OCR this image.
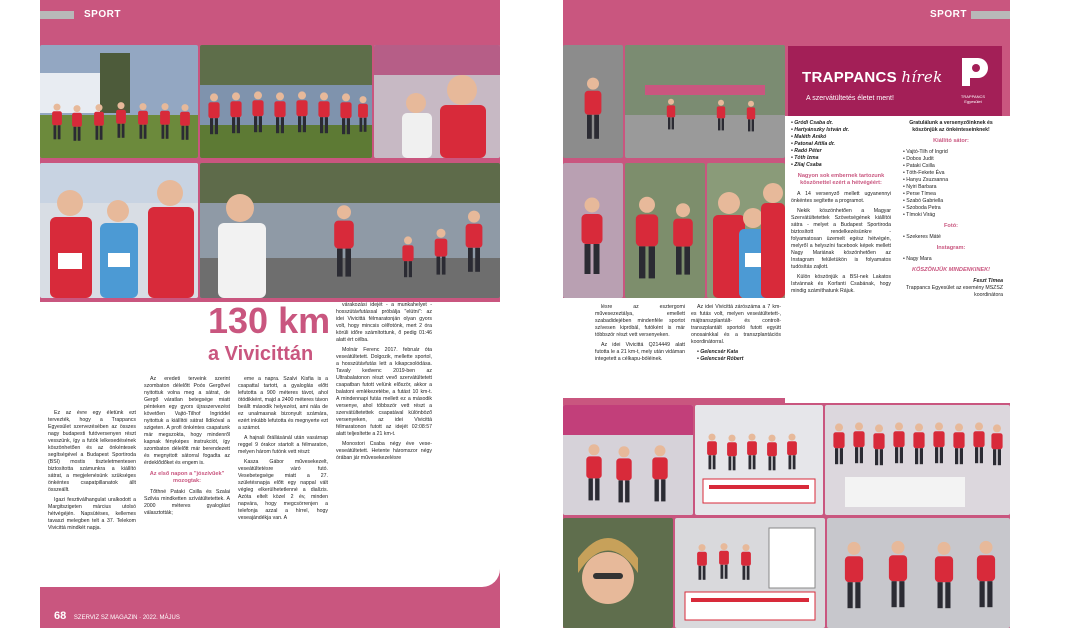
SPORT

Ez az évre egy életünk ezt tervezték, hogy a Trappancs Egyesület szervezésében az összes nagy budapesti futóversenyen részt vesszünk, így a futók lelkesedésének köszönhetően és az önkéntesek segítségével a Budapest Sportiroda (BSI) mostis tiszteletmentesen biztosította számunkra a kiállító sátrat, a megjelenésünk szükséges önkéntes csapatpillanatok állt összeállt.

Igazi fesztiválhangulat uralkodott a Margitszigeten március utolsó hétvégéjén. Napsütéses, kellemes tavaszi melegben telt a 37. Telekom Vivicittá mindkét napja.

Az eredeti terveink szerint szombaton délelőtt Poós Gergővel nyitottuk volna meg a sátrat, de Gergő váratlan betegsége miatt pénteken egy gyors újraszervezést követően Vajtó-Tilhof Ingriddel nyitottuk a kiállítói sátrat Ildikóval a szigeten. A profi önkéntes csapatunk már megszokta, hogy mindenről kapnak fényképes instrukciót, így szombaton délelőtt már berendezett és megnyitott sátorral fogadta az érdeklődőket és engem is.

Az első napon a "jószívűek" mozogtak:

Tőthné Pataki Csilla és Szalai Szilvia mindketten szívátültetettek. A 2000 méteres gyaloglást választották;

eme a napra. Szalvi Kisfia is a csapattal tartott, a gyaloglás előtt lefutotta a 900 méteres távot, ahol ötödikként, majd a 2400 méteres távon beállt második helyezést, ami nála de ez unalmasnak bizonyult számára, ezért inkább lefutotta és megnyerte ezt a számot.

A hajnali őrállásánál után vasárnap reggel 9 órakor startolt a félmaraton, melyen három futónk vett részt:

Kasza Gábor művesekezelt, veseátültetésre váró futó. Vesebetegsége miatt a 27. születésnapja előtt egy nappal vált végleg elkerülhetetlenné a dialízis. Azóta eltelt közel 2 év, minden napvára, hogy megcsörrenjen a telefonja azzal a hírrel, hogy veseajándékja van. A

várakozási idejét - a munkahelyet - hosszútávfutással próbálja "elütni": az idei Vivicittá félmaratonján olyan gyors volt, hogy mincsis célfotónk, mert 2 óra körüli időre számítottunk, ő pedig 01:46 alatt ért célba.

Molnár Ferenc 2017. február óta veseátültetett. Dolgozik, mellette sportol, a hosszútávfutás lett a kikapcsolódása. Tavaly kedvenc 2019-ben az Ultrabalatonon részt vevő szervátültetett csapatban futott velünk először, akkor a balatoni emlékezetébe, a futást 10 km-t. A mindennapi futás mellett ez a második versenye, ahol többször vett részt a szervátültetettek csapatával különböző versenyeken, az idei Vivicittá félmaratonon futott az idejét 02:08:57 alatt teljesítette a 21 km-t.

Monostori Csaba négy éve vese-veseátültetett. Hetente háromszor négy órában jár művesekezelésre

130 km
a Vivicittán
68 SZERVIZ SZ MAGAZIN · 2022. MÁJUS
SPORT
TRAPPANCS hírek
A szervátültetés életet ment!	TRAPPANCS Egyesület

lésre az esztergomi művesezeztálya, emellett szabadidejében mindenféle sportot szívesen kipróbál, futóként is már többször részt vett versenyeken.

Az idei Vivicittá Q214449 alatt futotta le a 21 km-t, mely után vidáman integetett a célkapu-bóléinek.

Az idei Vivicittá zárószáma a 7 km-es futás volt, melyen veseátültetett-, májtranszplantált- és controlt-transzplantált sportoló futott együtt onosainkkal és a transzplantációs koordinátorral.

• Gelencsér Kata
• Gelencsér Róbert
• Gródi Csaba dr.
• Hartyánszky István dr.
• Maléth Anikó
• Patonai Attila dr.
• Radó Péter
• Tóth Izma
• Zilaj Csaba
Nagyon sok embernek tartozunk köszönettel ezért a hétvégéért:

A 14 versenyző mellett ugyanennyi önkéntes segítette a programot.

Nekik köszönhetően a Magyar Szervátültetettek Szövetségének kiállítói sátra - melyet a Budapest Sportiroda biztosított rendelkezésünkre - folyamatosan üzemelt egész hétvégén, melyről a helyszíni facebook képek mellett Nagy Mariának köszönhetően az Instagram felületükön is folyamatos tudósítás zajlott.

Külön köszönjük a BSI-nek Lakatos Istvánnak és Korfanti Csabának, hogy mindig számíthatunk Rájuk.

Gratulálunk a versenyzőinknek és köszönjük az önkénteseinknek!
Kiállító sátor:
• Vajtó-Tilh of Ingrid
• Dobos Judit
• Pataki Csilla
• Tóth-Fekete Éva
• Hanyu Zsuzsanna
• Nyiri Barbara
• Perse Tímea
• Szabó Gabriella
• Szoboda Petra
• Tímoki Virág
Fotó:
• Szekeres Máté
Instagram:
• Nagy Mara
KÖSZÖNJÜK MINDENKINEK!
Feszt Tímea
Trappancs Egyesület az esemény MSZSZ koordinátora
